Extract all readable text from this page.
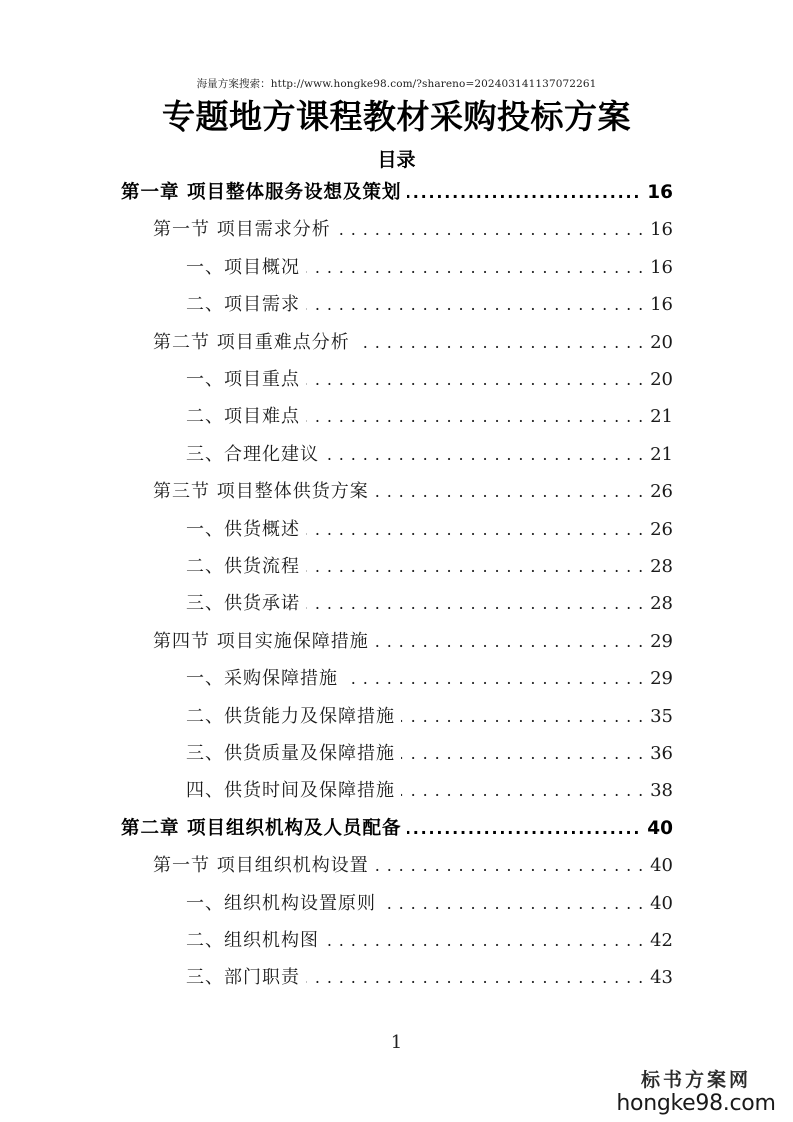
海量方案搜索：http://www.hongke98.com/?shareno=202403141137072261
专题地方课程教材采购投标方案
目录
第一章 项目整体服务设想及策划 .....	16
第一节 项目需求分析 . . .	16
一、项目概况 . . .	16
二、项目需求 . . .	16
第二节 项目重难点分析 . . .	20
一、项目重点 . . .	20
二、项目难点 . . .	21
三、合理化建议 . . .	21
第三节 项目整体供货方案 . . .	26
一、供货概述 . . .	26
二、供货流程 . . .	28
三、供货承诺 . . .	28
第四节 项目实施保障措施 . . .	29
一、采购保障措施 . . .	29
二、供货能力及保障措施 . . .	35
三、供货质量及保障措施 . . .	36
四、供货时间及保障措施 . . .	38
第二章 项目组织机构及人员配备 .....	40
第一节 项目组织机构设置 . . .	40
一、组织机构设置原则 . . .	40
二、组织机构图 . . .	42
三、部门职责 . . .	43
1
标书方案网
hongke98.com
